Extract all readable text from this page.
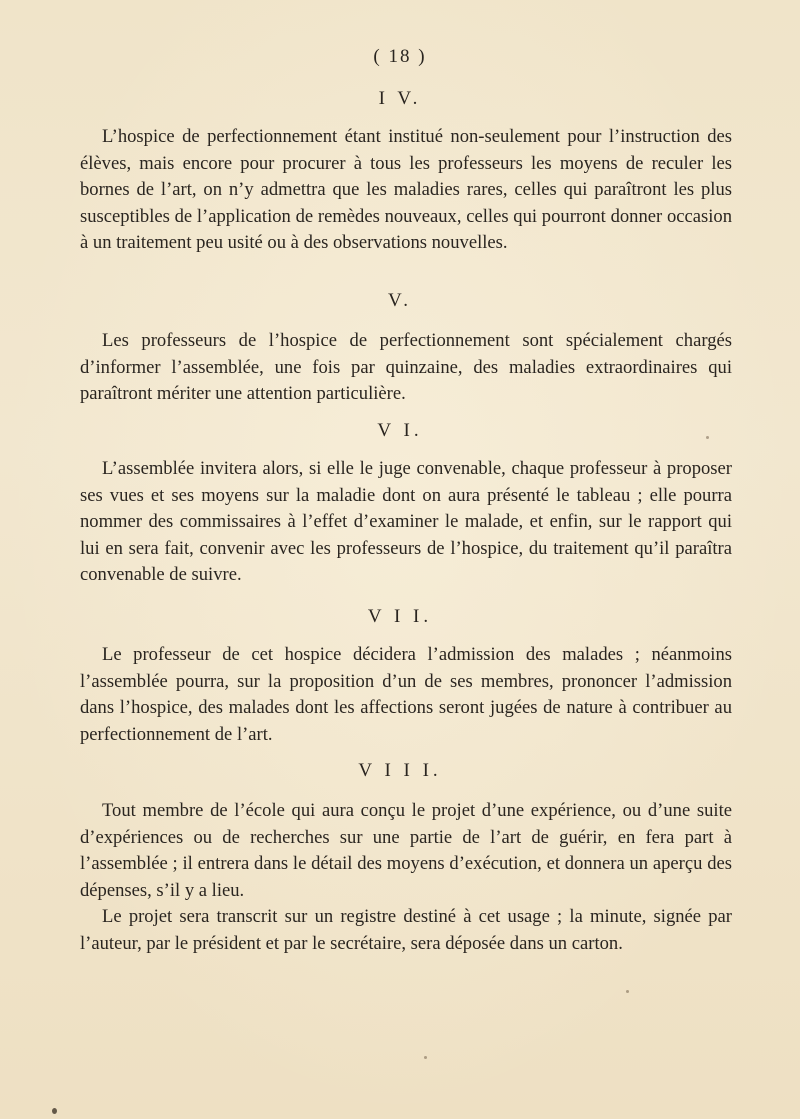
( 18 )
I V.

L’hospice de perfectionnement étant institué non-seulement pour l’instruction des élèves, mais encore pour procurer à tous les professeurs les moyens de reculer les bornes de l’art, on n’y admettra que les maladies rares, celles qui paraîtront les plus susceptibles de l’application de remèdes nouveaux, celles qui pourront donner occasion à un traitement peu usité ou à des observations nouvelles.

V.

Les professeurs de l’hospice de perfectionnement sont spécialement chargés d’informer l’assemblée, une fois par quinzaine, des maladies extraordinaires qui paraîtront mériter une attention particulière.

V I.

L’assemblée invitera alors, si elle le juge convenable, chaque professeur à proposer ses vues et ses moyens sur la maladie dont on aura présenté le tableau ; elle pourra nommer des commissaires à l’effet d’examiner le malade, et enfin, sur le rapport qui lui en sera fait, convenir avec les professeurs de l’hospice, du traitement qu’il paraîtra convenable de suivre.

V I I.

Le professeur de cet hospice décidera l’admission des malades ; néanmoins l’assemblée pourra, sur la proposition d’un de ses membres, prononcer l’admission dans l’hospice, des malades dont les affections seront jugées de nature à contribuer au perfectionnement de l’art.

V I I I.

Tout membre de l’école qui aura conçu le projet d’une expérience, ou d’une suite d’expériences ou de recherches sur une partie de l’art de guérir, en fera part à l’assemblée ; il entrera dans le détail des moyens d’exécution, et donnera un aperçu des dépenses, s’il y a lieu.

Le projet sera transcrit sur un registre destiné à cet usage ; la minute, signée par l’auteur, par le président et par le secrétaire, sera déposée dans un carton.
